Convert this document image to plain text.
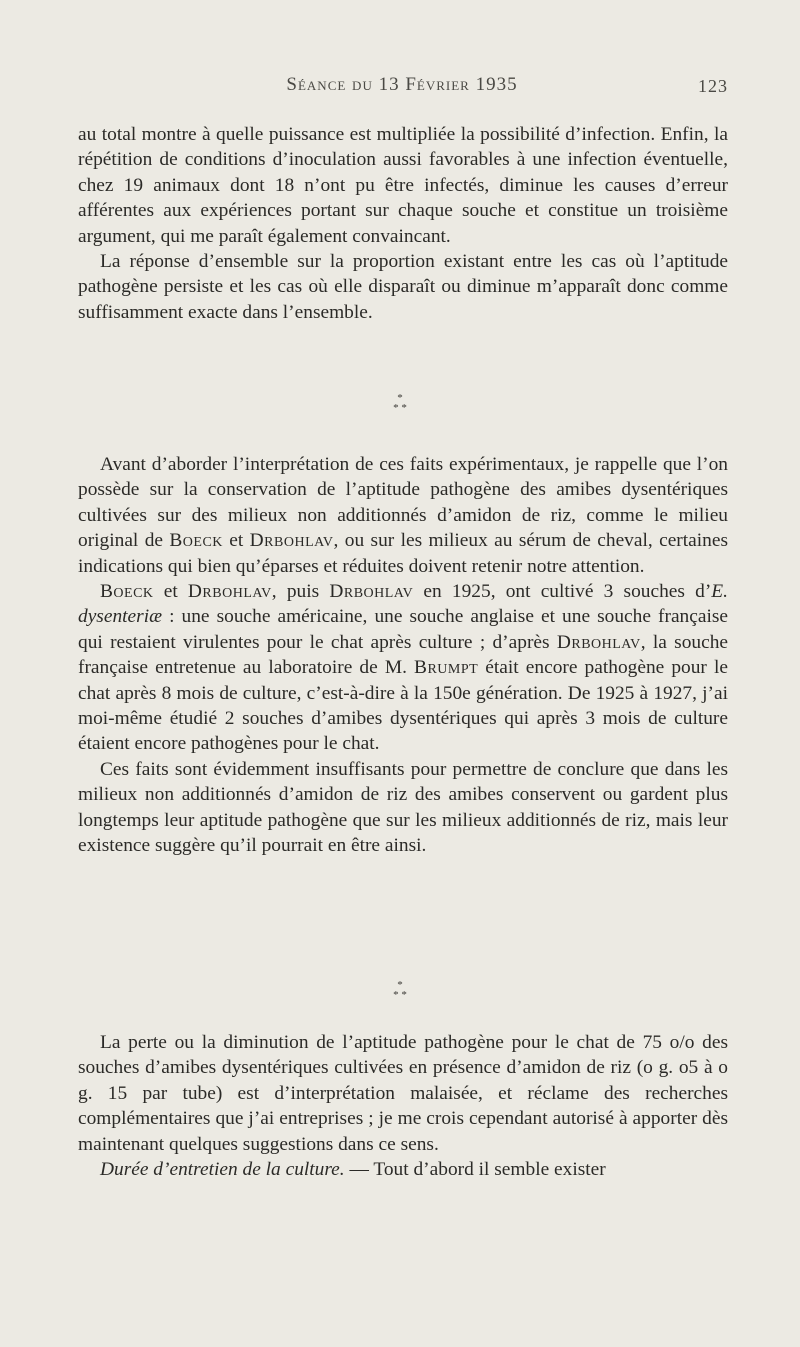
Séance du 13 Février 1935	123

au total montre à quelle puissance est multipliée la possibilité d’infection. Enfin, la répétition de conditions d’inoculation aussi favorables à une infection éventuelle, chez 19 animaux dont 18 n’ont pu être infectés, diminue les causes d’erreur afférentes aux expériences portant sur chaque souche et constitue un troisième argument, qui me paraît également convaincant.

La réponse d’ensemble sur la proportion existant entre les cas où l’aptitude pathogène persiste et les cas où elle disparaît ou diminue m’apparaît donc comme suffisamment exacte dans l’ensemble.

*
* *

Avant d’aborder l’interprétation de ces faits expérimentaux, je rappelle que l’on possède sur la conservation de l’aptitude pathogène des amibes dysentériques cultivées sur des milieux non additionnés d’amidon de riz, comme le milieu original de Boeck et Drbohlav, ou sur les milieux au sérum de cheval, certaines indications qui bien qu’éparses et réduites doivent retenir notre attention.

Boeck et Drbohlav, puis Drbohlav en 1925, ont cultivé 3 souches d’E. dysenteriæ : une souche américaine, une souche anglaise et une souche française qui restaient virulentes pour le chat après culture ; d’après Drbohlav, la souche française entretenue au laboratoire de M. Brumpt était encore pathogène pour le chat après 8 mois de culture, c’est-à-dire à la 150e génération. De 1925 à 1927, j’ai moi-même étudié 2 souches d’amibes dysentériques qui après 3 mois de culture étaient encore pathogènes pour le chat.

Ces faits sont évidemment insuffisants pour permettre de conclure que dans les milieux non additionnés d’amidon de riz des amibes conservent ou gardent plus longtemps leur aptitude pathogène que sur les milieux additionnés de riz, mais leur existence suggère qu’il pourrait en être ainsi.

*
* *

La perte ou la diminution de l’aptitude pathogène pour le chat de 75 o/o des souches d’amibes dysentériques cultivées en présence d’amidon de riz (o g. o5 à o g. 15 par tube) est d’interprétation malaisée, et réclame des recherches complémentaires que j’ai entreprises ; je me crois cependant autorisé à apporter dès maintenant quelques suggestions dans ce sens.

Durée d’entretien de la culture. — Tout d’abord il semble exister
